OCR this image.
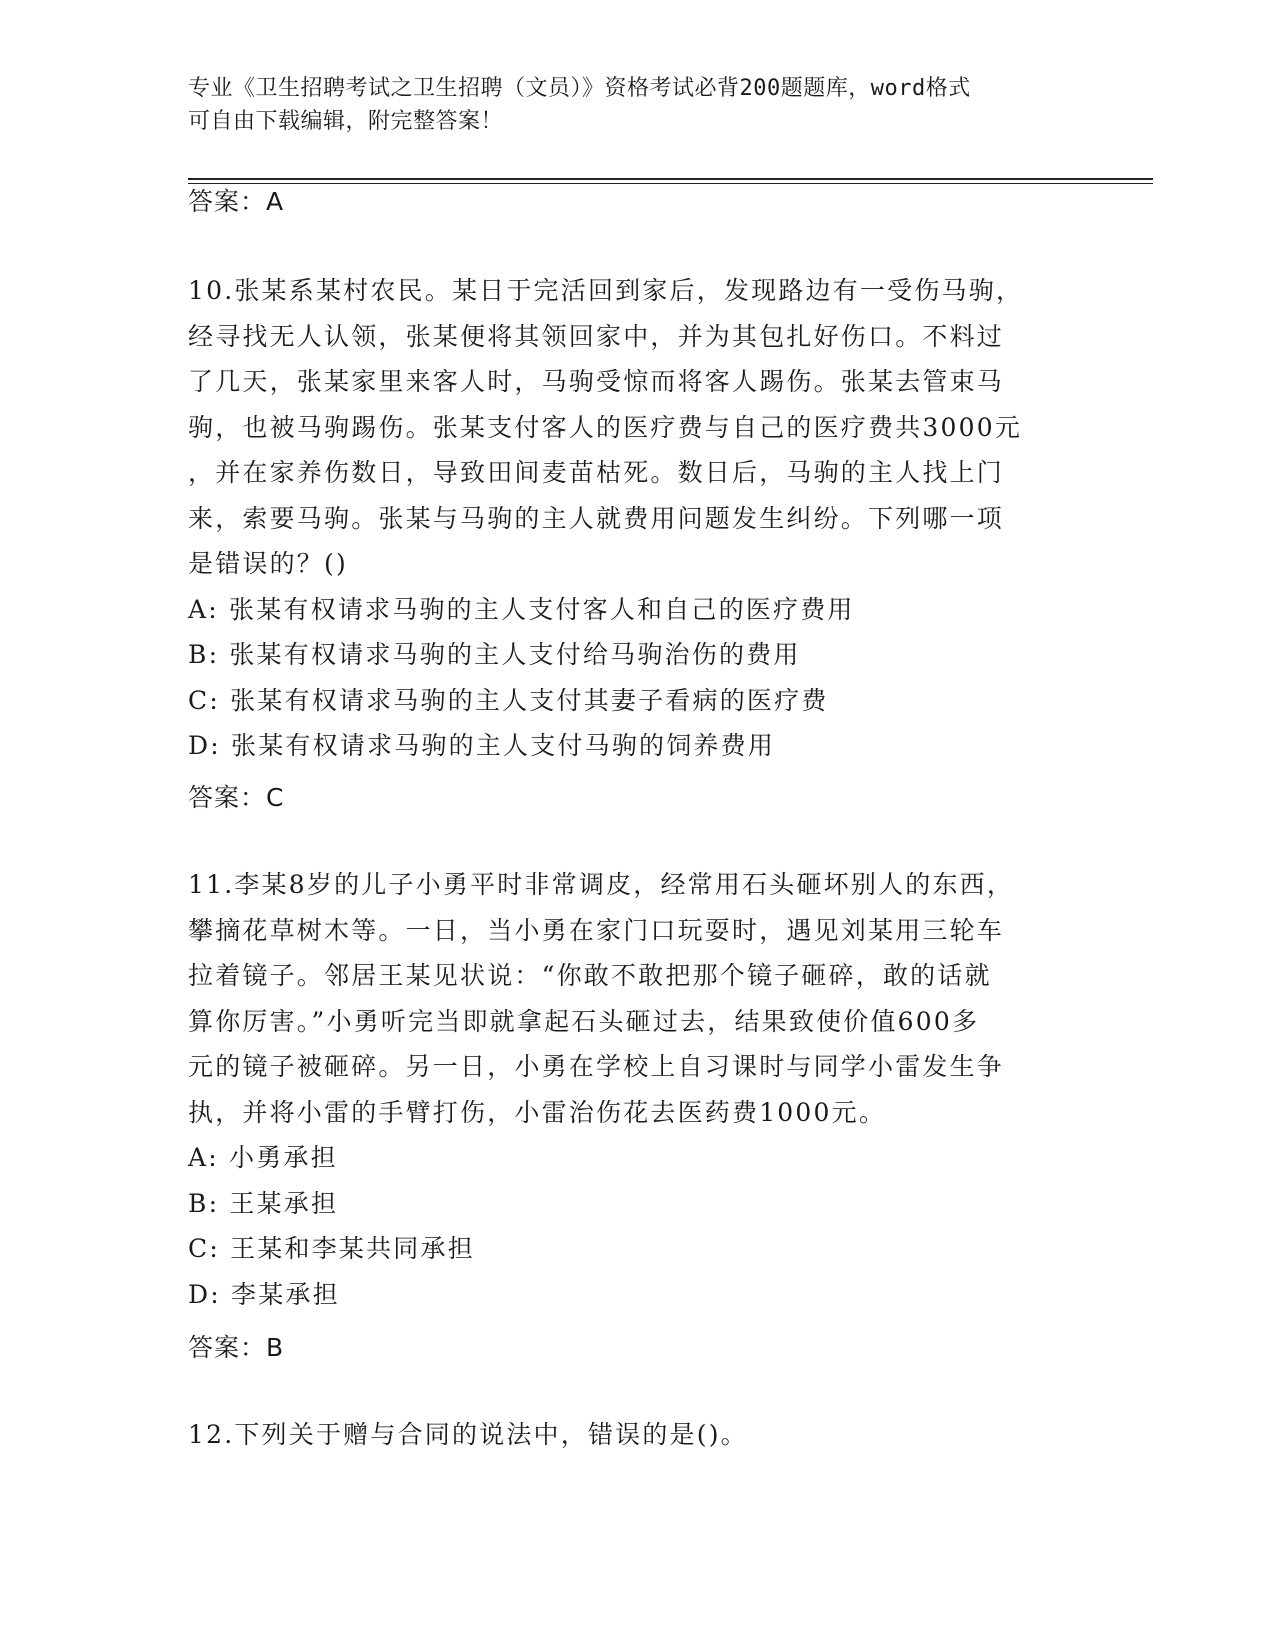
专业《卫生招聘考试之卫生招聘（文员）》资格考试必背200题题库，word格式
可自由下载编辑，附完整答案！
答案：A
10.张某系某村农民。某日于完活回到家后，发现路边有一受伤马驹，
经寻找无人认领，张某便将其领回家中，并为其包扎好伤口。不料过
了几天，张某家里来客人时，马驹受惊而将客人踢伤。张某去管束马
驹，也被马驹踢伤。张某支付客人的医疗费与自己的医疗费共3000元
，并在家养伤数日，导致田间麦苗枯死。数日后，马驹的主人找上门
来，索要马驹。张某与马驹的主人就费用问题发生纠纷。下列哪一项
是错误的？()
A: 张某有权请求马驹的主人支付客人和自己的医疗费用
B: 张某有权请求马驹的主人支付给马驹治伤的费用
C: 张某有权请求马驹的主人支付其妻子看病的医疗费
D: 张某有权请求马驹的主人支付马驹的饲养费用
答案：C
11.李某8岁的儿子小勇平时非常调皮，经常用石头砸坏别人的东西，
攀摘花草树木等。一日，当小勇在家门口玩耍时，遇见刘某用三轮车
拉着镜子。邻居王某见状说：“你敢不敢把那个镜子砸碎，敢的话就
算你厉害。”小勇听完当即就拿起石头砸过去，结果致使价值600多
元的镜子被砸碎。另一日，小勇在学校上自习课时与同学小雷发生争
执，并将小雷的手臂打伤，小雷治伤花去医药费1000元。
A: 小勇承担
B: 王某承担
C: 王某和李某共同承担
D: 李某承担
答案：B
12.下列关于赠与合同的说法中，错误的是()。
